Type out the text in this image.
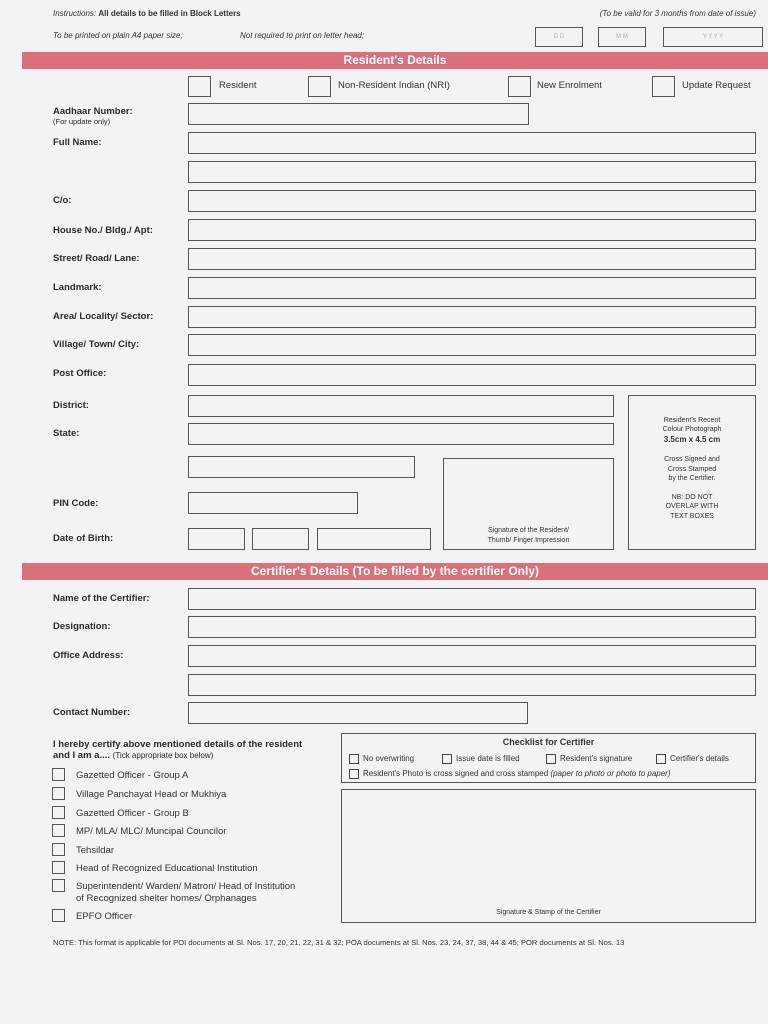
Instructions: All details to be filled in Block Letters	(To be valid for 3 months from date of issue)
To be printed on plain A4 paper size;	Not required to print on letter head;	D D	M M	Y Y Y Y
Resident's Details
Resident	Non-Resident Indian (NRI)	New Enrolment	Update Request
Aadhaar Number:
(For update only)
Full Name:
C/o:
House No./ Bldg./ Apt:
Street/ Road/ Lane:
Landmark:
Area/ Locality/ Sector:
Village/ Town/ City:
Post Office:
District:
State:
PIN Code:
Date of Birth:
Signature of the Resident/
Thumb/ Finger Impression
Resident's Recent
Colour Photograph
3.5cm x 4.5 cm

Cross Signed and
Cross Stamped
by the Certifier.

NB: DO NOT
OVERLAP WITH
TEXT BOXES
Certifier's Details (To be filled by the certifier Only)
Name of the Certifier:
Designation:
Office Address:
Contact Number:
I hereby certify above mentioned details of the resident
and I am a.... (Tick appropriate box below)
Gazetted Officer - Group A
Village Panchayat Head or Mukhiya
Gazetted Officer - Group B
MP/ MLA/ MLC/ Muncipal Councilor
Tehsildar
Head of Recognized Educational Institution
Superintendent/ Warden/ Matron/ Head of Institution
of Recognized shelter homes/ Orphanages
EPFO Officer
Checklist for Certifier
No overwriting	Issue date is filled	Resident's signature	Certifier's details
Resident's Photo is cross signed and cross stamped (paper to photo or photo to paper)
Signature & Stamp of the Certifier
NOTE: This format is applicable for POI documents at Sl. Nos. 17, 20, 21, 22, 31 & 32; POA documents at Sl. Nos. 23, 24, 37, 38, 44 & 45; POR documents at Sl. Nos. 13
